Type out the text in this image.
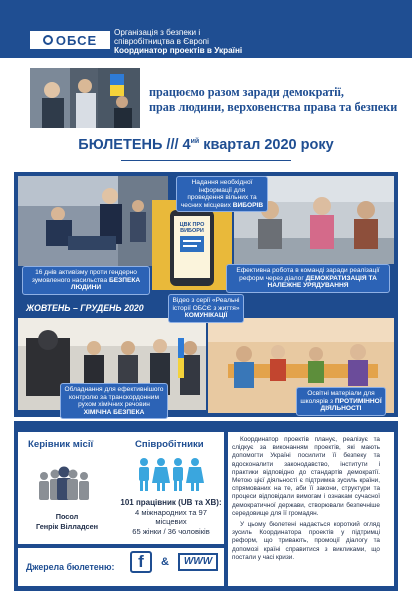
ОБСЕ Організація з безпеки і
співробітництва в Європі
Координатор проектів в Україні
працюємо разом заради демократії,
прав людини, верховенства права та безпеки
БЮЛЕТЕНЬ /// $4^{ий}$ квартал 2020 року
ЦВК ПРО ВИБОРИ
Надання необхідної інформації для проведення вільних та чесних місцевих ВИБОРІВ
16 днів активізму проти гендерно зумовленого насильства БЕЗПЕКА ЛЮДИНИ
Ефективна робота в команді заради реалізації реформ через діалог ДЕМОКРАТИЗАЦІЯ ТА НАЛЕЖНЕ УРЯДУВАННЯ
ЖОВТЕНЬ – ГРУДЕНЬ 2020
Відео з серії «Реальні історії ОБСЄ з життя» КОМУНІКАЦІЇ
Обладнання для ефективнішого контролю за транскордонним рухом хімічних речовин ХІМІЧНА БЕЗПЕКА
Освітні матеріали для школярів з ПРОТИМІННОЇ ДІЯЛЬНОСТІ
Керівник місії	Співробітники
Посол
Генрік Вілладсен
101 працівник (UB та ХВ):
4 міжнародних та 97
місцевих
65 жінки / 36 чоловіків

Координатор проектів планує, реалізує та слідкує за виконанням проектів, які мають допомогти Україні посилити її безпеку та вдосконалити законодавство, інститути і практики відповідно до стандартів демократії. Метою цієї діяльності є підтримка зусиль країни, спрямованих на те, аби її закони, структури та процеси відповідали вимогам і ознакам сучасної демократичної держави, створювали безпечніше середовище для її громадян.

У цьому бюлетені надається короткий огляд зусиль Координатора проектів у підтримці реформ, що тривають, промоції діалогу та допомозі країні справитися з викликами, що постали у часі кризи.

Джерела бюлетеню:	f	&	WWW
